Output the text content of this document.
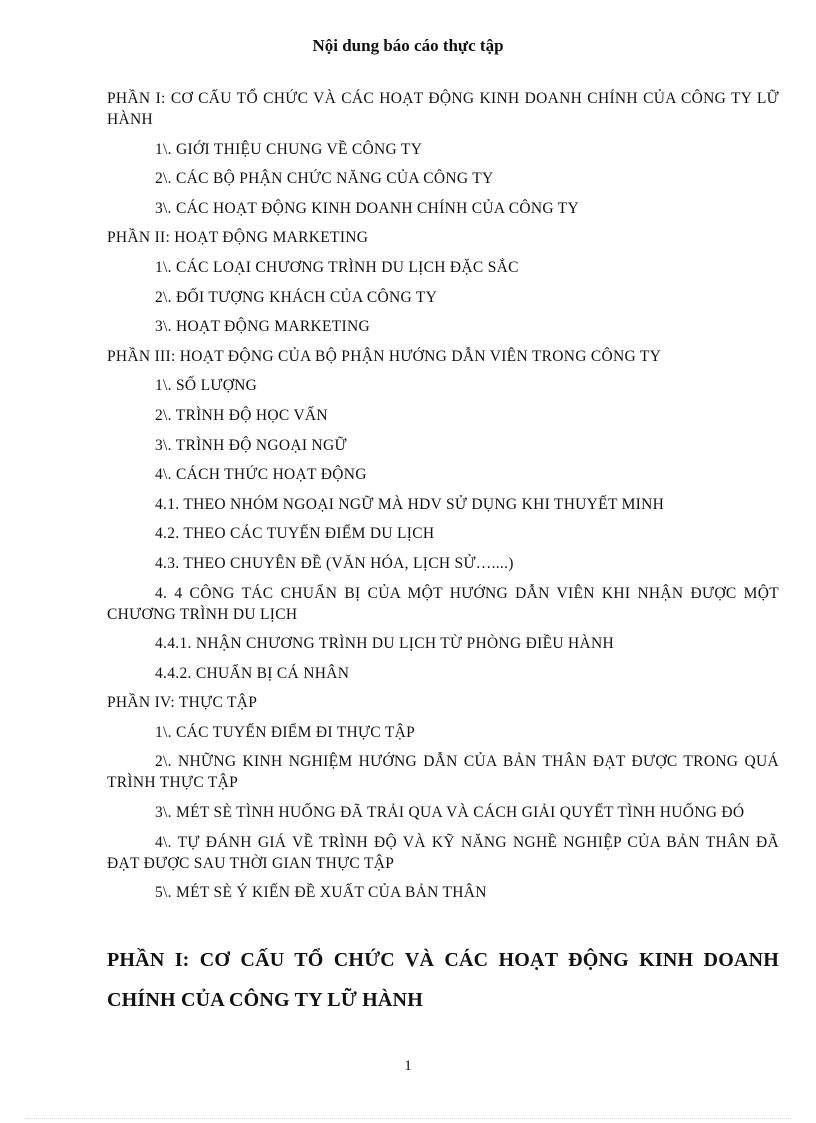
Nội dung báo cáo thực tập
PHẦN I: CƠ CẤU TỔ CHỨC VÀ CÁC HOẠT ĐỘNG KINH DOANH CHÍNH CỦA CÔNG TY LỮ HÀNH
1\. GIỚI THIỆU CHUNG VỀ CÔNG TY
2\. CÁC BỘ PHẬN CHỨC NĂNG CỦA CÔNG TY
3\. CÁC HOẠT ĐỘNG KINH DOANH CHÍNH CỦA CÔNG TY
PHẦN II: HOẠT ĐỘNG MARKETING
1\. CÁC LOẠI CHƯƠNG TRÌNH DU LỊCH ĐẶC SẮC
2\. ĐỐI TƯỢNG KHÁCH CỦA CÔNG TY
3\. HOẠT ĐỘNG MARKETING
PHẦN III: HOẠT ĐỘNG CỦA BỘ PHẬN HƯỚNG DẪN VIÊN TRONG CÔNG TY
1\. SỐ LƯỢNG
2\. TRÌNH ĐỘ HỌC VẤN
3\. TRÌNH ĐỘ NGOẠI NGỮ
4\. CÁCH THỨC HOẠT ĐỘNG
4.1. THEO NHÓM NGOẠI NGỮ MÀ HDV SỬ DỤNG KHI THUYẾT MINH
4.2. THEO CÁC TUYẾN ĐIỂM DU LỊCH
4.3. THEO CHUYÊN ĐỀ (VĂN HÓA, LỊCH SỬ…....)
4. 4 CÔNG TÁC CHUẨN BỊ CỦA MỘT HƯỚNG DẪN VIÊN KHI NHẬN ĐƯỢC MỘT CHƯƠNG TRÌNH DU LỊCH
4.4.1. NHẬN CHƯƠNG TRÌNH DU LỊCH TỪ PHÒNG ĐIỀU HÀNH
4.4.2. CHUẨN BỊ CÁ NHÂN
PHẦN IV: THỰC TẬP
1\. CÁC TUYẾN ĐIỂM ĐI THỰC TẬP
2\. NHỮNG KINH NGHIỆM HƯỚNG DẪN CỦA BẢN THÂN ĐẠT ĐƯỢC TRONG QUÁ TRÌNH THỰC TẬP
3\. MÉT SÈ TÌNH HUỐNG ĐÃ TRẢI QUA VÀ CÁCH GIẢI QUYẾT TÌNH HUỐNG ĐÓ
4\. TỰ ĐÁNH GIÁ VỀ TRÌNH ĐỘ VÀ KỸ NĂNG NGHỀ NGHIỆP CỦA BẢN THÂN ĐÃ ĐẠT ĐƯỢC SAU THỜI GIAN THỰC TẬP
5\. MÉT SÈ Ý KIẾN ĐỀ XUẤT CỦA BẢN THÂN
PHẦN I: CƠ CẤU TỔ CHỨC VÀ CÁC HOẠT ĐỘNG KINH DOANH CHÍNH CỦA CÔNG TY LỮ HÀNH
1
